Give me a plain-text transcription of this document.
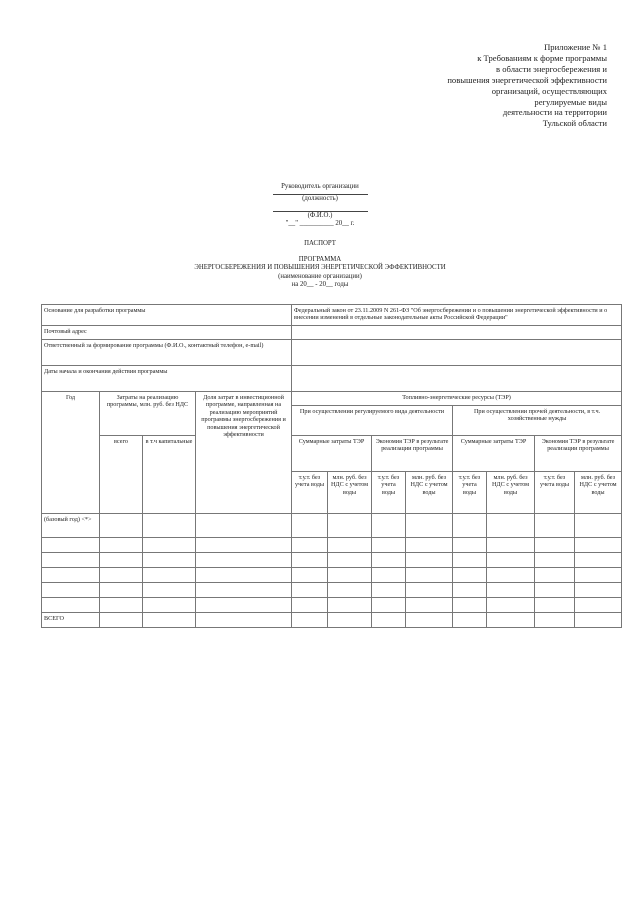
Приложение № 1
к Требованиям к форме программы
в области энергосбережения и
повышения энергетической эффективности
организаций, осуществляющих
регулируемые виды
деятельности на территории
Тульской области
Руководитель организации
(должность)
(Ф.И.О.)
"__" __________ 20__ г.
ПАСПОРТ
ПРОГРАММА
ЭНЕРГОСБЕРЕЖЕНИЯ И ПОВЫШЕНИЯ ЭНЕРГЕТИЧЕСКОЙ ЭФФЕКТИВНОСТИ
(наименование организации)
на 20__ - 20__ годы
Основание для разработки программы				Федеральный закон от 23.11.2009 N 261-ФЗ "Об энергосбережении и о повышении энергетической эффективности и о внесении изменений в отдельные законодательные акты Российской Федерации"							
Почтовый адрес											
Ответственный за формирование программы (Ф.И.О., контактный телефон, e-mail)											
Даты начала и окончания действия программы											
Год	Затраты на реализацию программы, млн. руб. без НДС		Доля затрат в инвестиционной программе, направленная на реализацию мероприятий программы энергосбережения и повышения энергетической эффективности	Топливно-энергетические ресурсы (ТЭР)							
				При осуществлении регулируемого вида деятельности				При осуществлении прочей деятельности, в т.ч. хозяйственные нужды			
	всего	в т.ч капитальные		Суммарные затраты ТЭР		Экономия ТЭР в результате реализации программы		Суммарные затраты ТЭР		Экономия ТЭР в результате реализации программы	

				т.у.т. без учета воды	млн. руб. без НДС с учетом воды	т.у.т. без учета воды	млн. руб. без НДС с учетом воды	т.у.т. без учета воды	млн. руб. без НДС с учетом воды	т.у.т. без учета воды	млн. руб. без НДС с учетом воды
(базовый год) <*>											

ВСЕГО											
